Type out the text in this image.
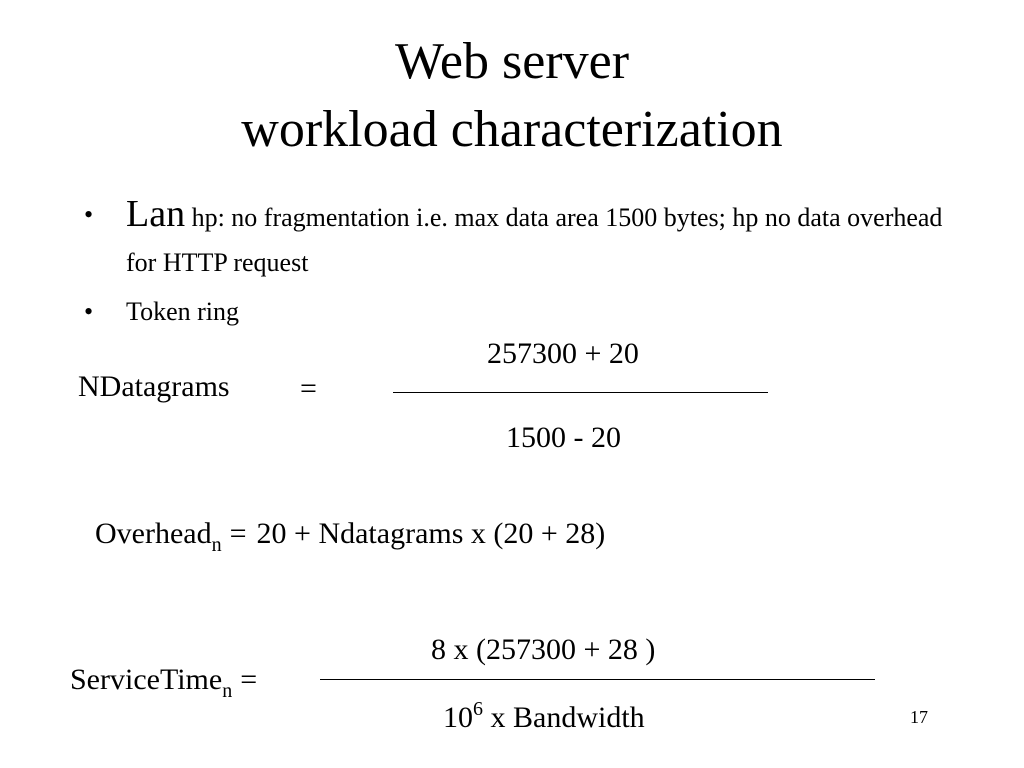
Web server
workload characterization
• Lan hp: no fragmentation i.e. max data area 1500 bytes; hp no data overhead for HTTP request
•	Token ring
NDatagrams =
257300 + 20
1500 - 20
Overhead$_n$ = 20 + Ndatagrams x (20 + 28)
ServiceTime$_n$ =
8 x (257300 + 28 )
$10^6$ x Bandwidth	17
